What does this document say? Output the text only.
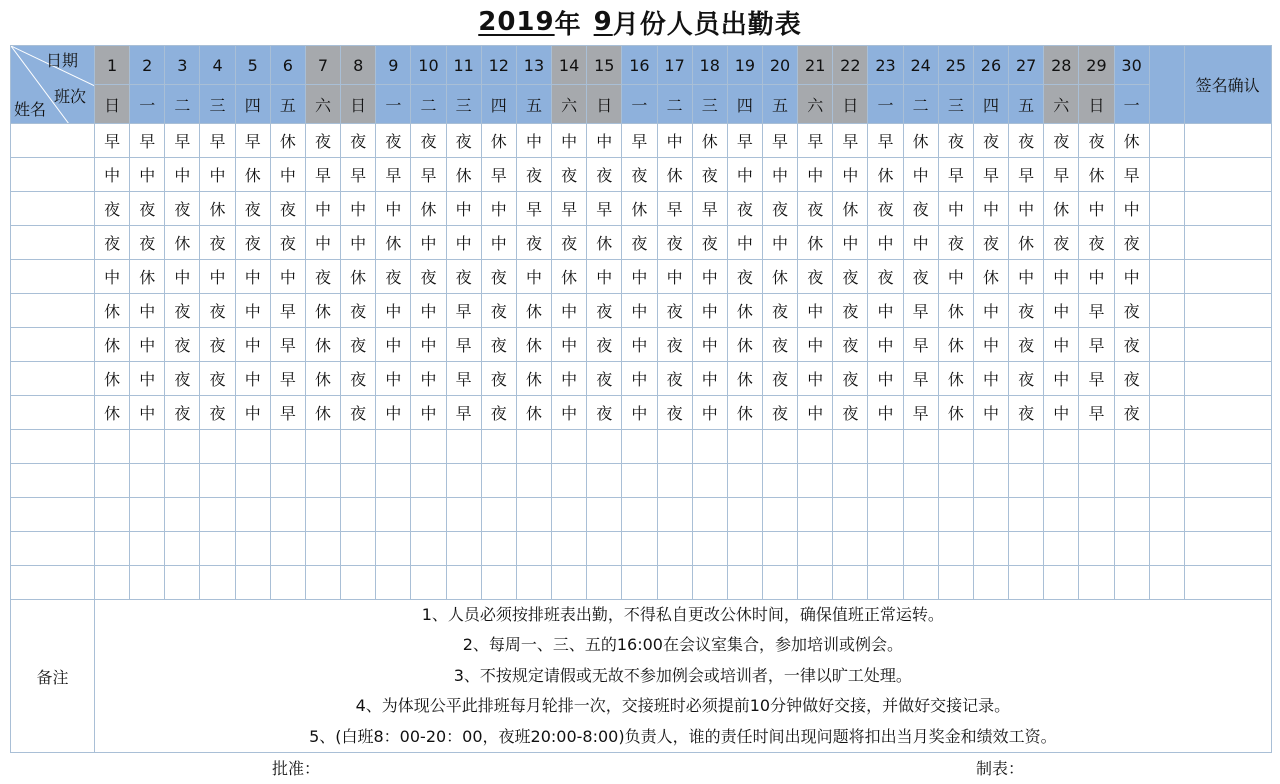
2019 年 9 月份人员出勤表
日期
班次
姓名	1	2	3	4	5	6	7	8	9	10	11	12	13	14	15	16	17	18	19	20	21	22	23	24	25	26	27	28	29	30		签名确认
	日	一	二	三	四	五	六	日	一	二	三	四	五	六	日	一	二	三	四	五	六	日	一	二	三	四	五	六	日	一		
	早	早	早	早	早	休	夜	夜	夜	夜	夜	休	中	中	中	早	中	休	早	早	早	早	早	休	夜	夜	夜	夜	夜	休		
	中	中	中	中	休	中	早	早	早	早	休	早	夜	夜	夜	夜	休	夜	中	中	中	中	休	中	早	早	早	早	休	早		
	夜	夜	夜	休	夜	夜	中	中	中	休	中	中	早	早	早	休	早	早	夜	夜	夜	休	夜	夜	中	中	中	休	中	中		
	夜	夜	休	夜	夜	夜	中	中	休	中	中	中	夜	夜	休	夜	夜	夜	中	中	休	中	中	中	夜	夜	休	夜	夜	夜		
	中	休	中	中	中	中	夜	休	夜	夜	夜	夜	中	休	中	中	中	中	夜	休	夜	夜	夜	夜	中	休	中	中	中	中		
	休	中	夜	夜	中	早	休	夜	中	中	早	夜	休	中	夜	中	夜	中	休	夜	中	夜	中	早	休	中	夜	中	早	夜		
	休	中	夜	夜	中	早	休	夜	中	中	早	夜	休	中	夜	中	夜	中	休	夜	中	夜	中	早	休	中	夜	中	早	夜		
	休	中	夜	夜	中	早	休	夜	中	中	早	夜	休	中	夜	中	夜	中	休	夜	中	夜	中	早	休	中	夜	中	早	夜		
	休	中	夜	夜	中	早	休	夜	中	中	早	夜	休	中	夜	中	夜	中	休	夜	中	夜	中	早	休	中	夜	中	早	夜		

备注	1、人员必须按排班表出勤，不得私自更改公休时间，确保值班正常运转。
2、每周一、三、五的16:00在会议室集合，参加培训或例会。
3、不按规定请假或无故不参加例会或培训者，一律以旷工处理。
4、为体现公平此排班每月轮排一次，交接班时必须提前10分钟做好交接，并做好交接记录。
5、(白班8：00-20：00，夜班20:00-8:00)负责人，谁的责任时间出现问题将扣出当月奖金和绩效工资。																															
批准：	制表：
